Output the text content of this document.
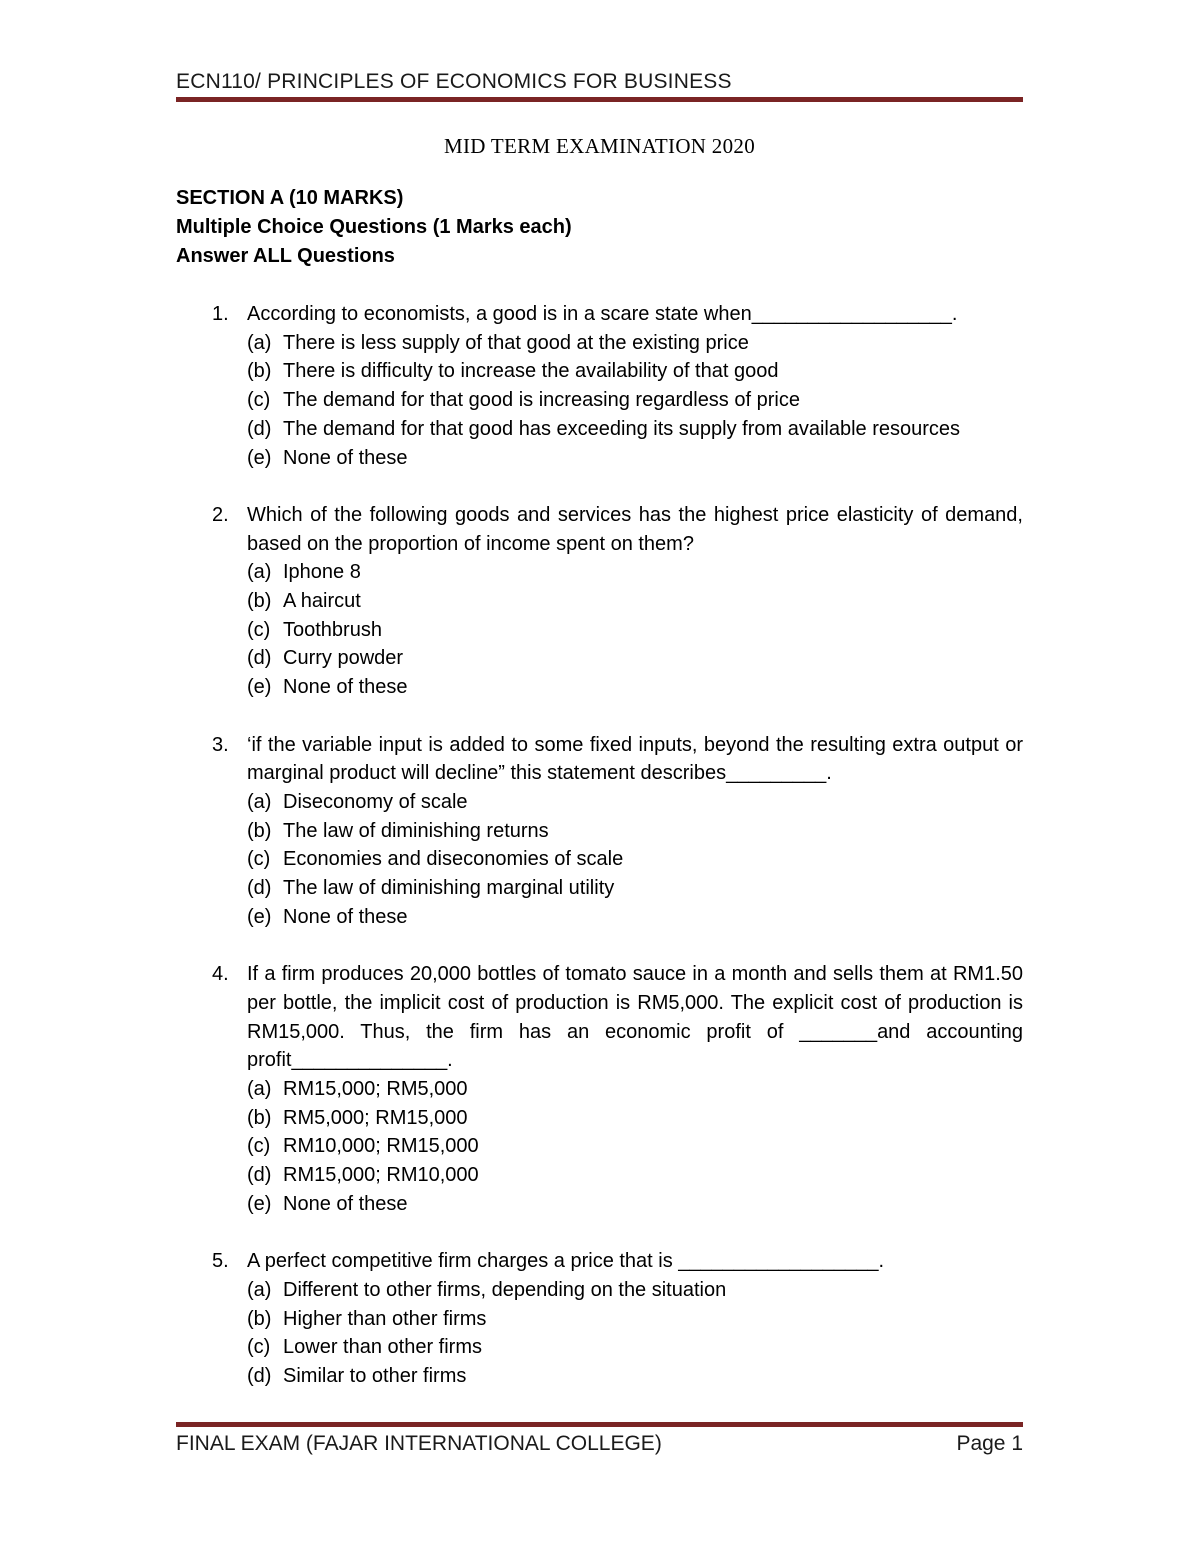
ECN110/ PRINCIPLES OF ECONOMICS FOR BUSINESS
MID TERM EXAMINATION 2020
SECTION A (10 MARKS)
Multiple Choice Questions (1 Marks each)
Answer ALL Questions
1. According to economists, a good is in a scare state when__________________.
(a) There is less supply of that good at the existing price
(b) There is difficulty to increase the availability of that good
(c) The demand for that good is increasing regardless of price
(d) The demand for that good has exceeding its supply from available resources
(e) None of these
2. Which of the following goods and services has the highest price elasticity of demand, based on the proportion of income spent on them?
(a) Iphone 8
(b) A haircut
(c) Toothbrush
(d) Curry powder
(e) None of these
3. ‘if the variable input is added to some fixed inputs, beyond the resulting extra output or marginal product will decline” this statement describes_________.
(a) Diseconomy of scale
(b) The law of diminishing returns
(c) Economies and diseconomies of scale
(d) The law of diminishing marginal utility
(e) None of these
4. If a firm produces 20,000 bottles of tomato sauce in a month and sells them at RM1.50 per bottle, the implicit cost of production is RM5,000. The explicit cost of production is RM15,000. Thus, the firm has an economic profit of _______and accounting profit______________.
(a) RM15,000; RM5,000
(b) RM5,000; RM15,000
(c) RM10,000; RM15,000
(d) RM15,000; RM10,000
(e) None of these
5. A perfect competitive firm charges a price that is __________________.
(a) Different to other firms, depending on the situation
(b) Higher than other firms
(c) Lower than other firms
(d) Similar to other firms
FINAL EXAM (FAJAR INTERNATIONAL COLLEGE)	Page 1
